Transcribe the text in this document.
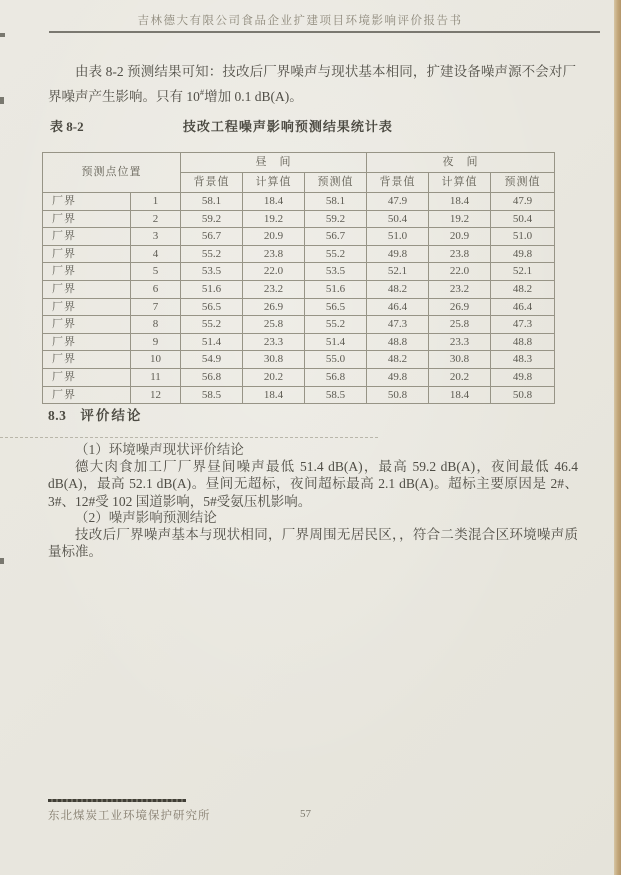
吉林德大有限公司食品企业扩建项目环境影响评价报告书

由表 8-2 预测结果可知：技改后厂界噪声与现状基本相同，扩建设备噪声源不会对厂界噪声产生影响。只有 10#增加 0.1 dB(A)。

表 8-2	技改工程噪声影响预测结果统计表
预测点位置		昼　间			夜　间		
		背景值	计算值	预测值	背景值	计算值	预测值
厂界	1	58.1	18.4	58.1	47.9	18.4	47.9
厂界	2	59.2	19.2	59.2	50.4	19.2	50.4
厂界	3	56.7	20.9	56.7	51.0	20.9	51.0
厂界	4	55.2	23.8	55.2	49.8	23.8	49.8
厂界	5	53.5	22.0	53.5	52.1	22.0	52.1
厂界	6	51.6	23.2	51.6	48.2	23.2	48.2
厂界	7	56.5	26.9	56.5	46.4	26.9	46.4
厂界	8	55.2	25.8	55.2	47.3	25.8	47.3
厂界	9	51.4	23.3	51.4	48.8	23.3	48.8
厂界	10	54.9	30.8	55.0	48.2	30.8	48.3
厂界	11	56.8	20.2	56.8	49.8	20.2	49.8
厂界	12	58.5	18.4	58.5	50.8	18.4	50.8
8.3 评价结论

（1）环境噪声现状评价结论

德大肉食加工厂厂界昼间噪声最低 51.4 dB(A)，最高 59.2 dB(A)，夜间最低 46.4 dB(A)，最高 52.1 dB(A)。昼间无超标，夜间超标最高 2.1 dB(A)。超标主要原因是 2#、3#、12#受 102 国道影响，5#受氨压机影响。

（2）噪声影响预测结论

技改后厂界噪声基本与现状相同，厂界周围无居民区，，符合二类混合区环境噪声质量标准。

东北煤炭工业环境保护研究所	57
